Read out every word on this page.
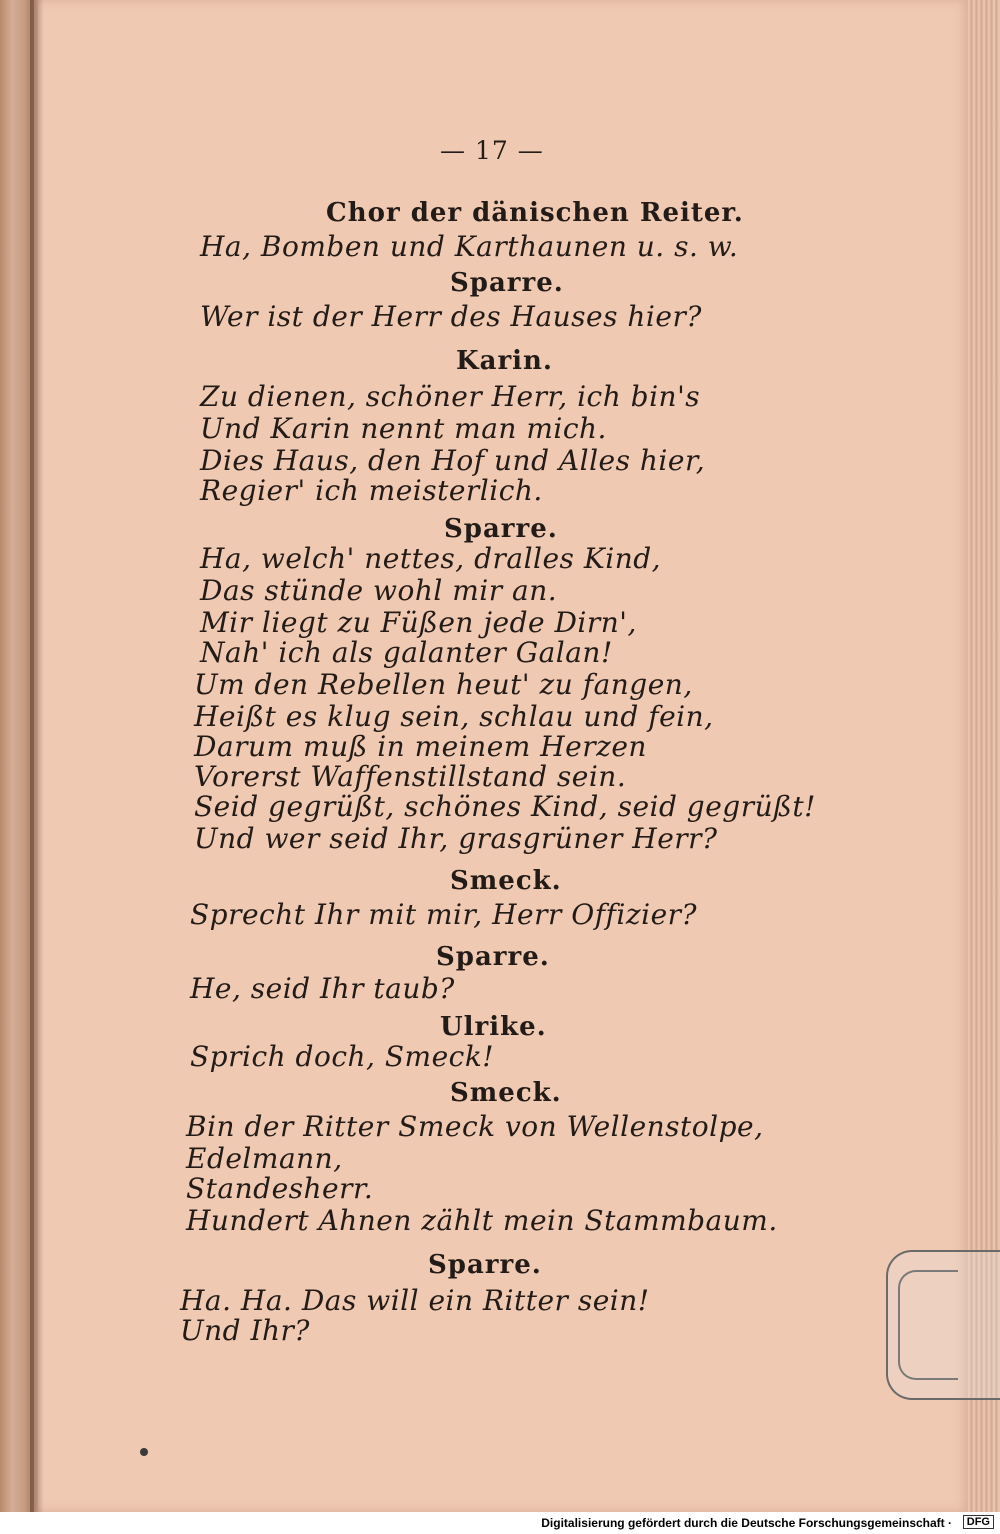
— 17 —
Chor der dänischen Reiter.
Ha, Bomben und Karthaunen u. s. w.
Sparre.
Wer ist der Herr des Hauses hier?
Karin.
Zu dienen, schöner Herr, ich bin's
Und Karin nennt man mich.
Dies Haus, den Hof und Alles hier,
Regier' ich meisterlich.
Sparre.
Ha, welch' nettes, dralles Kind,
Das stünde wohl mir an.
Mir liegt zu Füßen jede Dirn',
Nah' ich als galanter Galan!
Um den Rebellen heut' zu fangen,
Heißt es klug sein, schlau und fein,
Darum muß in meinem Herzen
Vorerst Waffenstillstand sein.
Seid gegrüßt, schönes Kind, seid gegrüßt!
Und wer seid Ihr, grasgrüner Herr?
Smeck.
Sprecht Ihr mit mir, Herr Offizier?
Sparre.
He, seid Ihr taub?
Ulrike.
Sprich doch, Smeck!
Smeck.
Bin der Ritter Smeck von Wellenstolpe,
Edelmann,
Standesherr.
Hundert Ahnen zählt mein Stammbaum.
Sparre.
Ha. Ha. Das will ein Ritter sein!
Und Ihr?
Digitalisierung gefördert durch die Deutsche Forschungsgemeinschaft ·	DFG
